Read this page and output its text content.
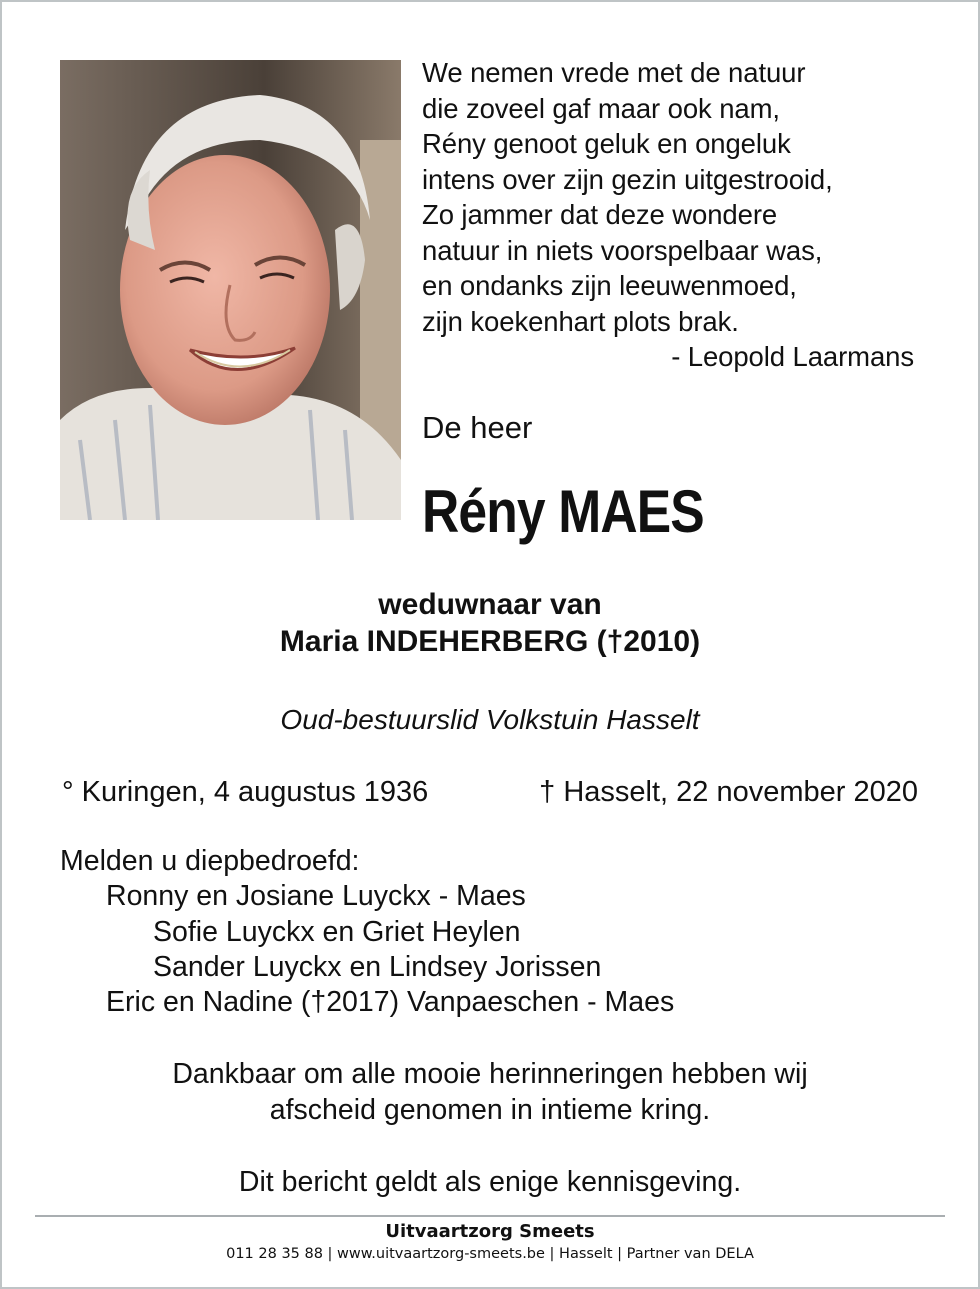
We nemen vrede met de natuur
die zoveel gaf maar ook nam,
Rény genoot geluk en ongeluk
intens over zijn gezin uitgestrooid,
Zo jammer dat deze wondere
natuur in niets voorspelbaar was,
en ondanks zijn leeuwenmoed,
zijn koekenhart plots brak.
- Leopold Laarmans
De heer
Rény MAES
weduwnaar van
Maria INDEHERBERG (†2010)
Oud-bestuurslid Volkstuin Hasselt
° Kuringen, 4 augustus 1936	† Hasselt, 22 november 2020
Melden u diepbedroefd:
Ronny en Josiane Luyckx - Maes
Sofie Luyckx en Griet Heylen
Sander Luyckx en Lindsey Jorissen
Eric en Nadine (†2017) Vanpaeschen - Maes
Dankbaar om alle mooie herinneringen hebben wij
afscheid genomen in intieme kring.
Dit bericht geldt als enige kennisgeving.
Uitvaartzorg Smeets
011 28 35 88 | www.uitvaartzorg-smeets.be | Hasselt | Partner van DELA
